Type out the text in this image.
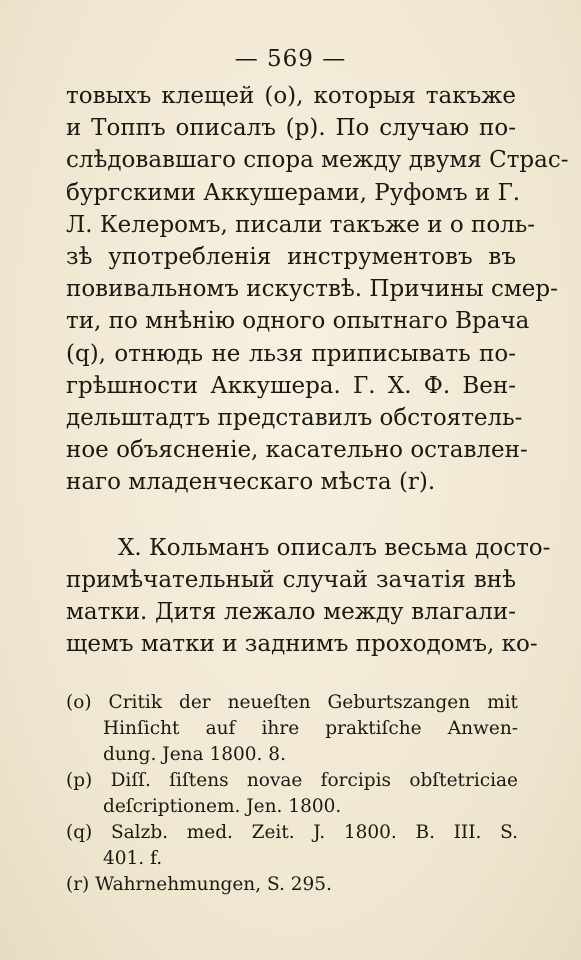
— 569 —

товыхъ клещей (о), которыя такъже
и Топпъ описалъ (р). По случаю по-
слѣдовавшаго спора между двумя Страс-
бургскими Аккушерами, Руфомъ и Г.
Л. Келеромъ, писали такъже и о поль-
зѣ употребленія инструментовъ въ
повивальномъ искуствѣ. Причины смер-
ти, по мнѣнію одного опытнаго Врача
(q), отнюдь не льзя приписывать по-
грѣшности Аккушера. Г. Х. Ф. Вен-
дельштадтъ представилъ обстоятель-
ное объясненіе, касательно оставлен-
наго младенческаго мѣста (r).

Х. Кольманъ описалъ весьма досто-
примѣчательный случай зачатія внѣ
матки. Дитя лежало между влагали-
щемъ матки и заднимъ проходомъ, ко-

(o) Critik der neueſten Geburtszangen mit
Hinſicht auf ihre praktiſche Anwen-
dung. Jena 1800. 8.
(p) Diſſ. ſiſtens novae forcipis obſtetriciae
deſcriptionem. Jen. 1800.
(q) Salzb. med. Zeit. J. 1800. B. III. S.
401. f.
(r) Wahrnehmungen, S. 295.
